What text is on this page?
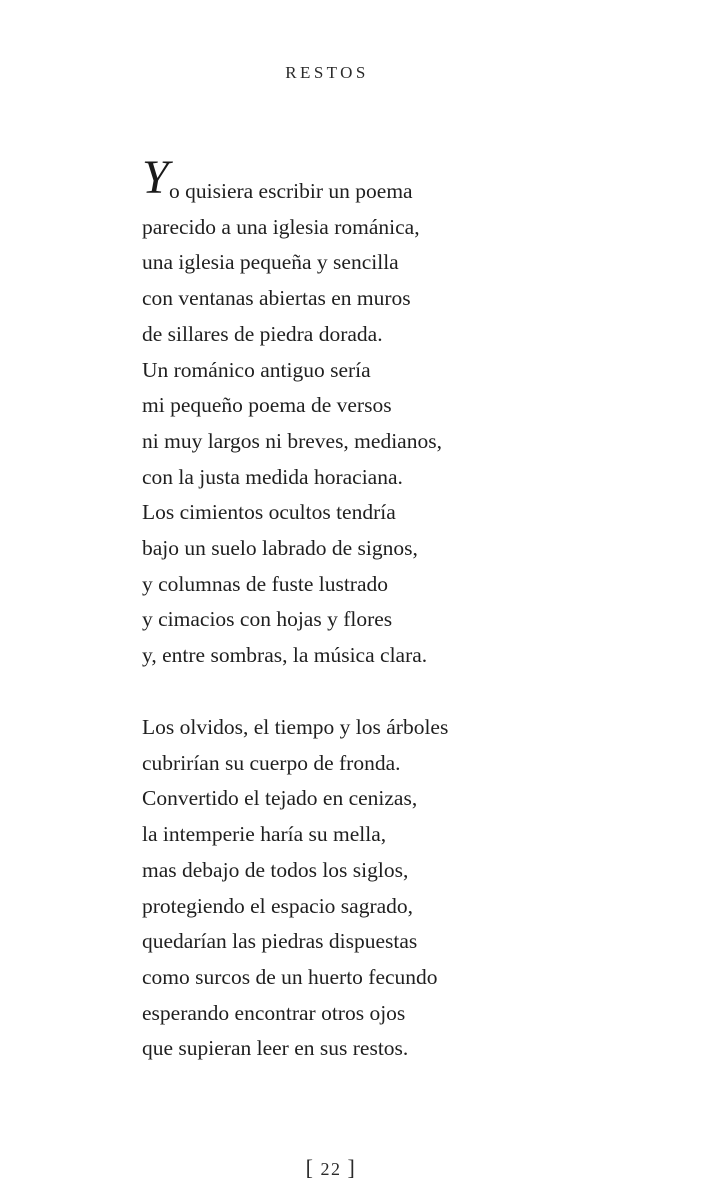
RESTOS
Y o quisiera escribir un poema
parecido a una iglesia románica,
una iglesia pequeña y sencilla
con ventanas abiertas en muros
de sillares de piedra dorada.
Un románico antiguo sería
mi pequeño poema de versos
ni muy largos ni breves, medianos,
con la justa medida horaciana.
Los cimientos ocultos tendría
bajo un suelo labrado de signos,
y columnas de fuste lustrado
y cimacios con hojas y flores
y, entre sombras, la música clara.
Los olvidos, el tiempo y los árboles
cubrirían su cuerpo de fronda.
Convertido el tejado en cenizas,
la intemperie haría su mella,
mas debajo de todos los siglos,
protegiendo el espacio sagrado,
quedarían las piedras dispuestas
como surcos de un huerto fecundo
esperando encontrar otros ojos
que supieran leer en sus restos.
[ 22 ]
